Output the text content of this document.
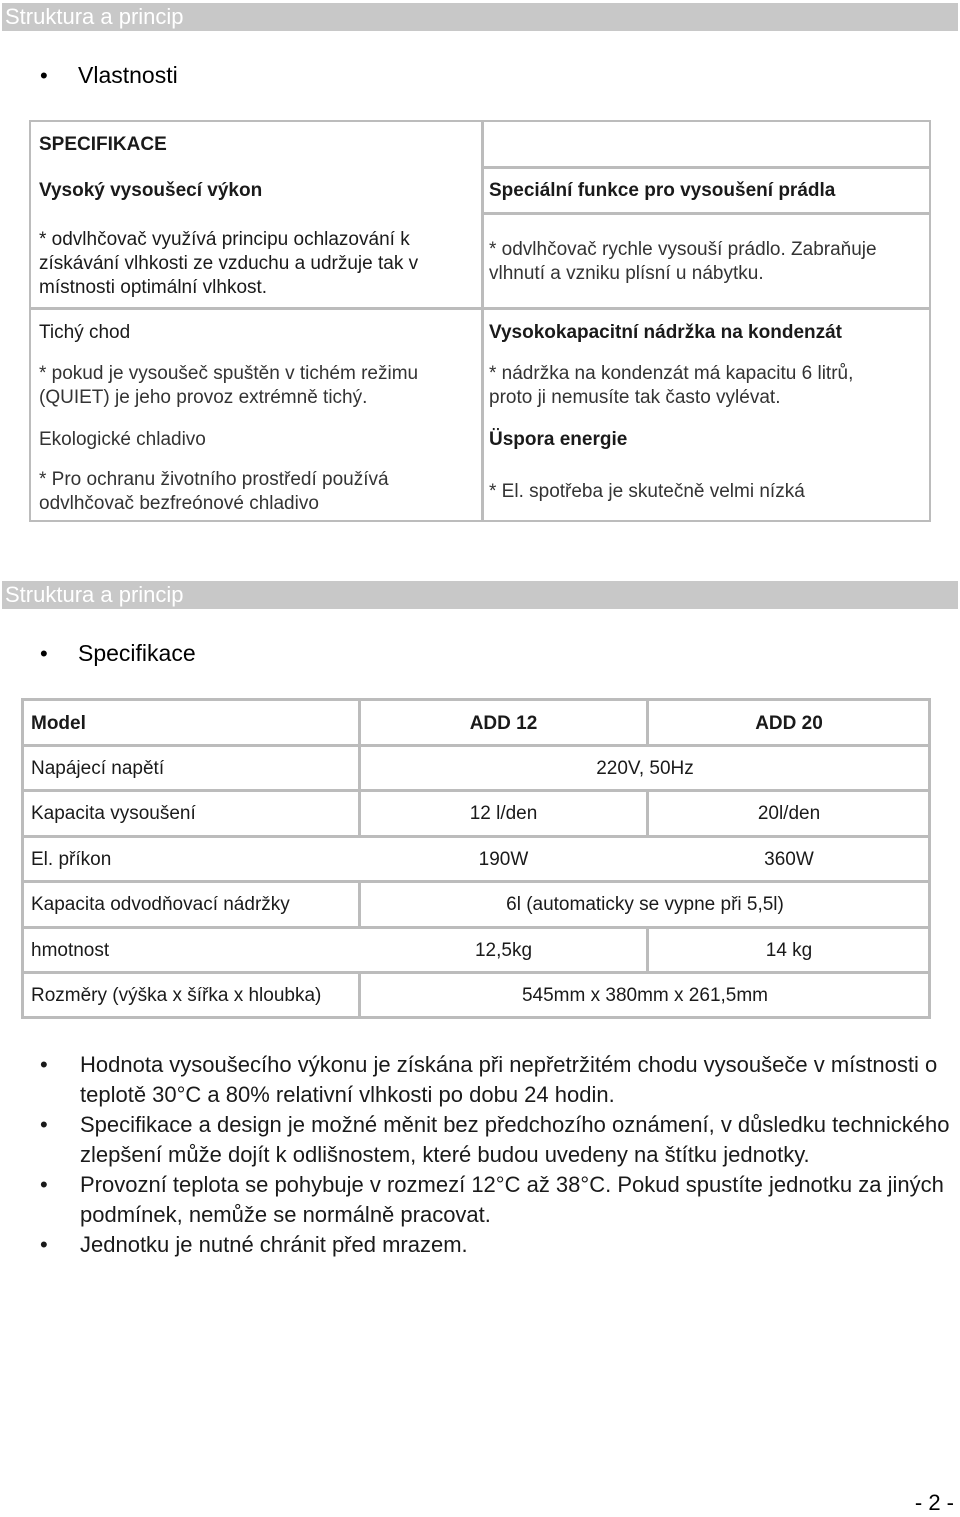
Struktura a princip
• Vlastnosti
SPECIFIKACE
Vysoký vysoušecí výkon
* odvlhčovač využívá principu ochlazování k
získávání vlhkosti ze vzduchu a udržuje tak v
místnosti optimální vlhkost.
Tichý chod
* pokud je vysoušeč spuštěn v tichém režimu
(QUIET) je jeho provoz extrémně tichý.
Ekologické chladivo
* Pro ochranu životního prostředí používá
odvlhčovač bezfreónové chladivo
Speciální funkce pro vysoušení prádla
* odvlhčovač rychle vysouší prádlo. Zabraňuje
vlhnutí a vzniku plísní u nábytku.
Vysokokapacitní nádržka na kondenzát
* nádržka na kondenzát má kapacitu 6 litrů,
proto ji nemusíte tak často vylévat.
Üspora energie
* El. spotřeba je skutečně velmi nízká
Struktura a princip
• Specifikace
Model	ADD 12	ADD 20
Napájecí napětí	220V, 50Hz
Kapacita vysoušení	12 l/den	20l/den
El. příkon	190W	360W
Kapacita odvodňovací nádržky	6l (automaticky se vypne při 5,5l)
hmotnost	12,5kg	14 kg
Rozměry (výška x šířka x hloubka)	545mm x 380mm x 261,5mm
• Hodnota vysoušecího výkonu je získána při nepřetržitém chodu vysoušeče v místnosti o teplotě 30°C a 80% relativní vlhkosti po dobu 24 hodin.
• Specifikace a design je možné měnit bez předchozího oznámení, v důsledku technického zlepšení může dojít k odlišnostem, které budou uvedeny na štítku jednotky.
• Provozní teplota se pohybuje v rozmezí 12°C až 38°C. Pokud spustíte jednotku za jiných podmínek, nemůže se normálně pracovat.
• Jednotku je nutné chránit před mrazem.
- 2 -
